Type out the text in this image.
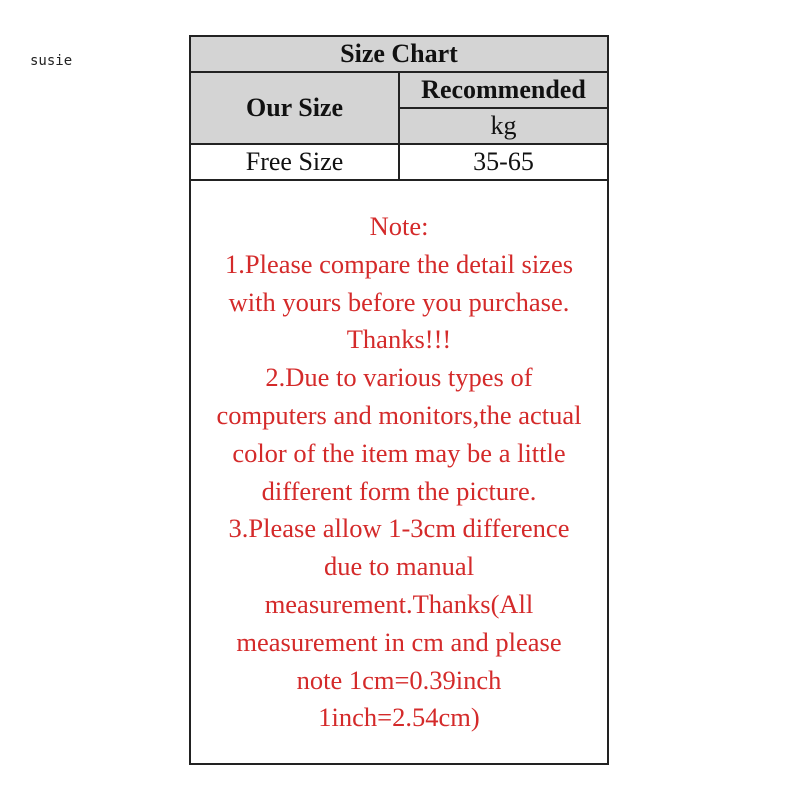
susie	Size Chart	
Our Size	Recommended
	kg
Free Size	35-65
Note:
1.Please compare the detail sizes
with yours before you purchase.
Thanks!!!
2.Due to various types of
computers and monitors,the actual
color of the item may be a little
different form the picture.
3.Please allow 1-3cm difference
due to manual
measurement.Thanks(All
measurement in cm and please
note 1cm=0.39inch
1inch=2.54cm)
